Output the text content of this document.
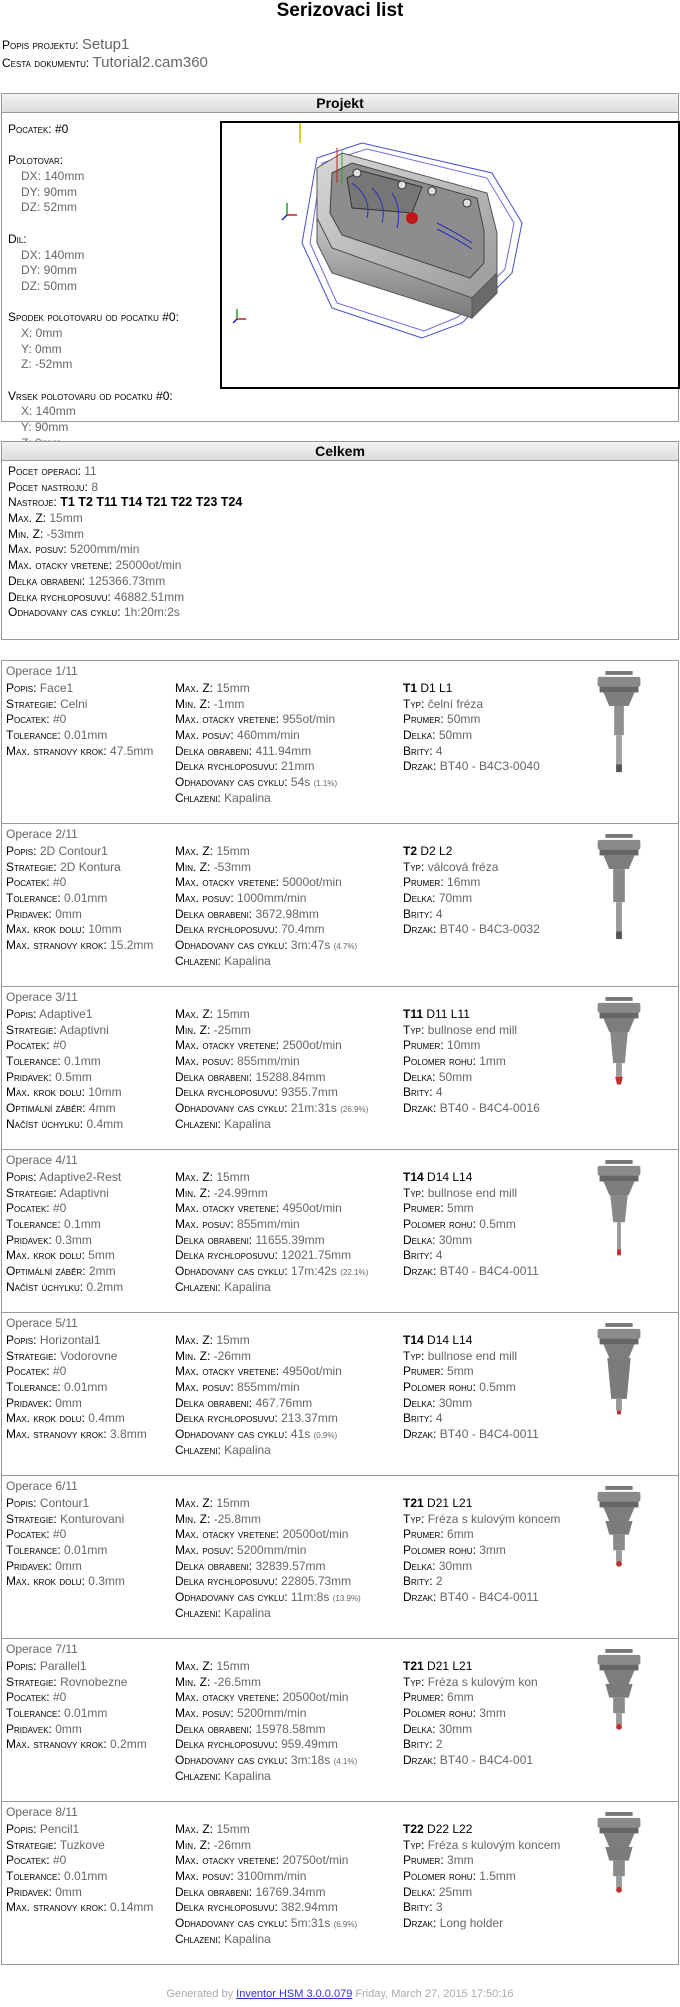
Serizovaci list
Popis projektu: Setup1
Cesta dokumentu: Tutorial2.cam360
Projekt
Pocatek: #0
Polotovar:
DX: 140mm
DY: 90mm
DZ: 52mm
Dil:
DX: 140mm
DY: 90mm
DZ: 50mm
Spodek polotovaru od pocatku #0:
X: 0mm
Y: 0mm
Z: -52mm
Vrsek polotovaru od pocatku #0:
X: 140mm
Y: 90mm
Celkem
Pocet operaci: 11
Pocet nastroju: 8
Nastroje: T1 T2 T11 T14 T21 T22 T23 T24
Max. Z: 15mm
Min. Z: -53mm
Max. posuv: 5200mm/min
Max. otacky vretene: 25000ot/min
Delka obrabeni: 125366.73mm
Delka rychloposuvu: 46882.51mm
Odhadovany cas cyklu: 1h:20m:2s
Operace 1/11
Popis: Face1
Strategie: Celni
Pocatek: #0
Tolerance: 0.01mm
Max. stranovy krok: 47.5mm
Max. Z: 15mm
Min. Z: -1mm
Max. otacky vretene: 955ot/min
Max. posuv: 460mm/min
Delka obrabeni: 411.94mm
Delka rychloposuvu: 21mm
Odhadovany cas cyklu: 54s (1.1%)
Chlazeni: Kapalina
T1 D1 L1
Typ: čelní fréza
Prumer: 50mm
Delka: 50mm
Brity: 4
Drzak: BT40 - B4C3-0040
Operace 2/11
Popis: 2D Contour1
Strategie: 2D Kontura
Pocatek: #0
Tolerance: 0.01mm
Pridavek: 0mm
Max. krok dolu: 10mm
Max. stranovy krok: 15.2mm
Max. Z: 15mm
Min. Z: -53mm
Max. otacky vretene: 5000ot/min
Max. posuv: 1000mm/min
Delka obrabeni: 3672.98mm
Delka rychloposuvu: 70.4mm
Odhadovany cas cyklu: 3m:47s (4.7%)
Chlazeni: Kapalina
T2 D2 L2
Typ: válcová fréza
Prumer: 16mm
Delka: 70mm
Brity: 4
Drzak: BT40 - B4C3-0032
Operace 3/11
Popis: Adaptive1
Strategie: Adaptivni
Pocatek: #0
Tolerance: 0.1mm
Pridavek: 0.5mm
Max. krok dolu: 10mm
Optimální záběr: 4mm
Načíst úchylku: 0.4mm
Max. Z: 15mm
Min. Z: -25mm
Max. otacky vretene: 2500ot/min
Max. posuv: 855mm/min
Delka obrabeni: 15288.84mm
Delka rychloposuvu: 9355.7mm
Odhadovany cas cyklu: 21m:31s (26.9%)
Chlazeni: Kapalina
T11 D11 L11
Typ: bullnose end mill
Prumer: 10mm
Polomer rohu: 1mm
Delka: 50mm
Brity: 4
Drzak: BT40 - B4C4-0016
Operace 4/11
Popis: Adaptive2-Rest
Strategie: Adaptivni
Pocatek: #0
Tolerance: 0.1mm
Pridavek: 0.3mm
Max. krok dolu: 5mm
Optimální záběr: 2mm
Načíst úchylku: 0.2mm
Max. Z: 15mm
Min. Z: -24.99mm
Max. otacky vretene: 4950ot/min
Max. posuv: 855mm/min
Delka obrabeni: 11655.39mm
Delka rychloposuvu: 12021.75mm
Odhadovany cas cyklu: 17m:42s (22.1%)
Chlazeni: Kapalina
T14 D14 L14
Typ: bullnose end mill
Prumer: 5mm
Polomer rohu: 0.5mm
Delka: 30mm
Brity: 4
Drzak: BT40 - B4C4-0011
Operace 5/11
Popis: Horizontal1
Strategie: Vodorovne
Pocatek: #0
Tolerance: 0.01mm
Pridavek: 0mm
Max. krok dolu: 0.4mm
Max. stranovy krok: 3.8mm
Max. Z: 15mm
Min. Z: -26mm
Max. otacky vretene: 4950ot/min
Max. posuv: 855mm/min
Delka obrabeni: 467.76mm
Delka rychloposuvu: 213.37mm
Odhadovany cas cyklu: 41s (0.9%)
Chlazeni: Kapalina
T14 D14 L14
Typ: bullnose end mill
Prumer: 5mm
Polomer rohu: 0.5mm
Delka: 30mm
Brity: 4
Drzak: BT40 - B4C4-0011
Operace 6/11
Popis: Contour1
Strategie: Konturovani
Pocatek: #0
Tolerance: 0.01mm
Pridavek: 0mm
Max. krok dolu: 0.3mm
Max. Z: 15mm
Min. Z: -25.8mm
Max. otacky vretene: 20500ot/min
Max. posuv: 5200mm/min
Delka obrabeni: 32839.57mm
Delka rychloposuvu: 22805.73mm
Odhadovany cas cyklu: 11m:8s (13.9%)
Chlazeni: Kapalina
T21 D21 L21
Typ: Fréza s kulovým koncem
Prumer: 6mm
Polomer rohu: 3mm
Delka: 30mm
Brity: 2
Drzak: BT40 - B4C4-0011
Operace 7/11
Popis: Parallel1
Strategie: Rovnobezne
Pocatek: #0
Tolerance: 0.01mm
Pridavek: 0mm
Max. stranovy krok: 0.2mm
Max. Z: 15mm
Min. Z: -26.5mm
Max. otacky vretene: 20500ot/min
Max. posuv: 5200mm/min
Delka obrabeni: 15978.58mm
Delka rychloposuvu: 959.49mm
Odhadovany cas cyklu: 3m:18s (4.1%)
Chlazeni: Kapalina
T21 D21 L21
Typ: Fréza s kulovým kon
Prumer: 6mm
Polomer rohu: 3mm
Delka: 30mm
Brity: 2
Drzak: BT40 - B4C4-001
Operace 8/11
Popis: Pencil1
Strategie: Tuzkove
Pocatek: #0
Tolerance: 0.01mm
Pridavek: 0mm
Max. stranovy krok: 0.14mm
Max. Z: 15mm
Min. Z: -26mm
Max. otacky vretene: 20750ot/min
Max. posuv: 3100mm/min
Delka obrabeni: 16769.34mm
Delka rychloposuvu: 382.94mm
Odhadovany cas cyklu: 5m:31s (6.9%)
Chlazeni: Kapalina
T22 D22 L22
Typ: Fréza s kulovým koncem
Prumer: 3mm
Polomer rohu: 1.5mm
Delka: 25mm
Brity: 3
Drzak: Long holder
Generated by Inventor HSM 3.0.0.079 Friday, March 27, 2015 17:50:16
